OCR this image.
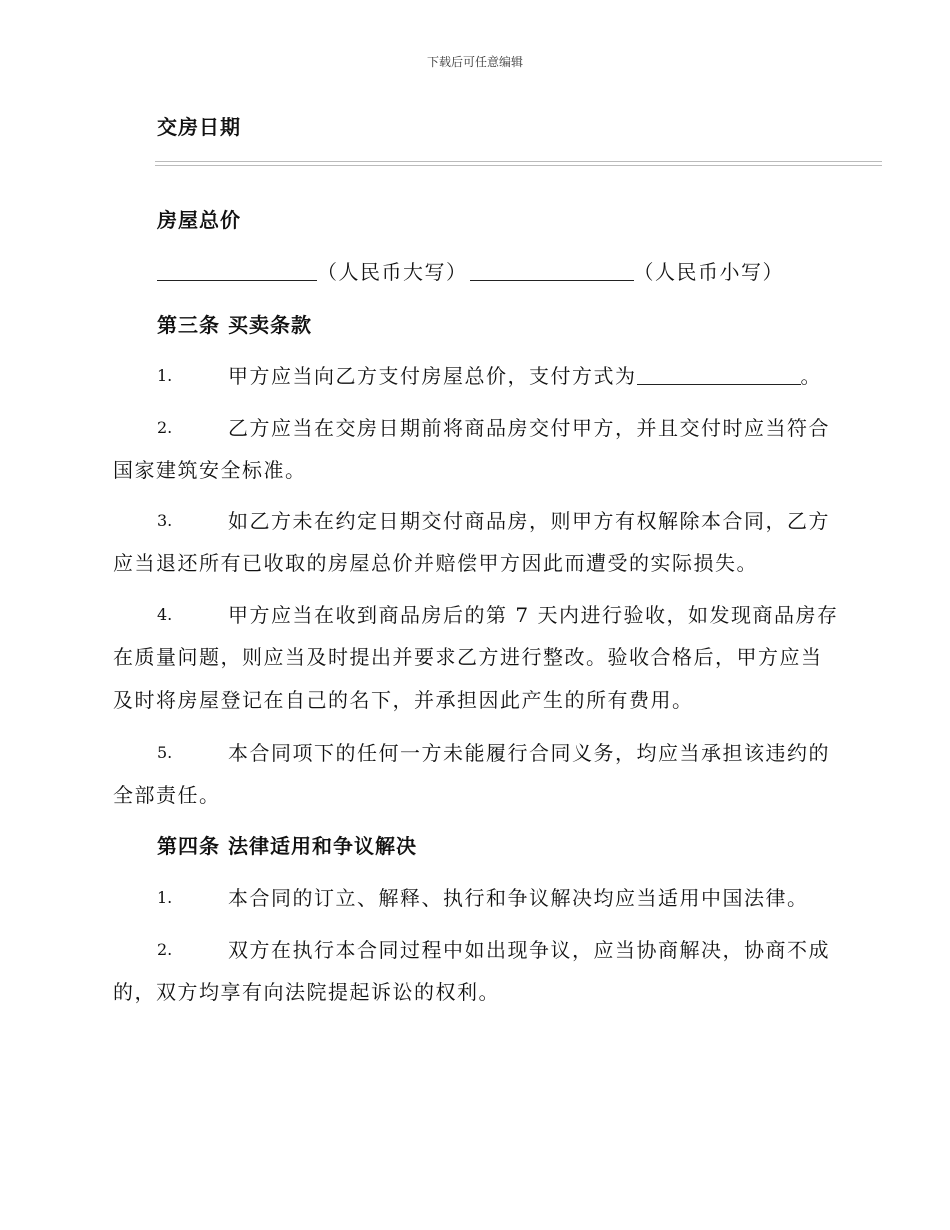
下载后可任意编辑
交房日期
房屋总价
（人民币大写）	（人民币小写）
第三条 买卖条款
1.	甲方应当向乙方支付房屋总价，支付方式为	。
2.	乙方应当在交房日期前将商品房交付甲方，并且交付时应当符合
国家建筑安全标准。
3.	如乙方未在约定日期交付商品房，则甲方有权解除本合同，乙方
应当退还所有已收取的房屋总价并赔偿甲方因此而遭受的实际损失。
4.	甲方应当在收到商品房后的第 7 天内进行验收，如发现商品房存
在质量问题，则应当及时提出并要求乙方进行整改。验收合格后，甲方应当
及时将房屋登记在自己的名下，并承担因此产生的所有费用。
5.	本合同项下的任何一方未能履行合同义务，均应当承担该违约的
全部责任。
第四条 法律适用和争议解决
1.	本合同的订立、解释、执行和争议解决均应当适用中国法律。
2.	双方在执行本合同过程中如出现争议，应当协商解决，协商不成
的，双方均享有向法院提起诉讼的权利。
